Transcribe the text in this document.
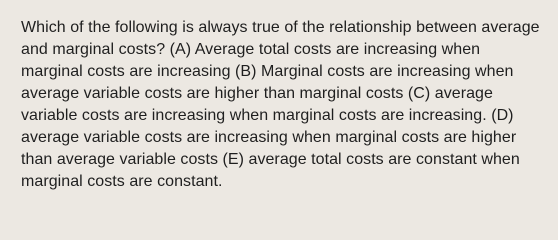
Which of the following is always true of the relationship between average and marginal costs? (A) Average total costs are increasing when marginal costs are increasing (B) Marginal costs are increasing when average variable costs are higher than marginal costs (C) average variable costs are increasing when marginal costs are increasing. (D) average variable costs are increasing when marginal costs are higher than average variable costs (E) average total costs are constant when marginal costs are constant.
